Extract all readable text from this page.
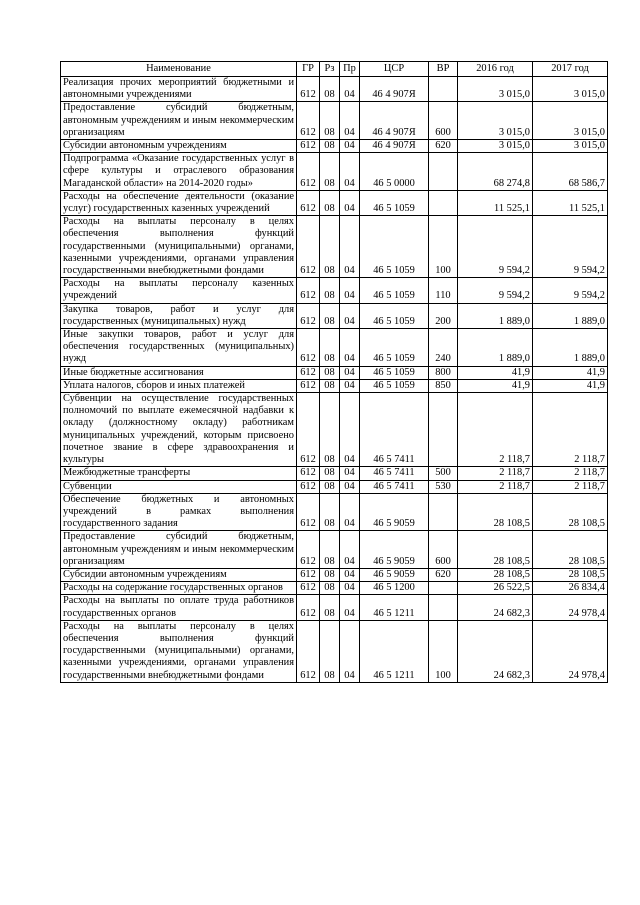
Наименование	ГР	Рз	Пр	ЦСР	ВР	2016 год	2017 год
Реализация прочих мероприятий бюджетными и автономными учреждениями	612	08	04	46 4 907Я		3 015,0	3 015,0
Предоставление субсидий бюджетным, автономным учреждениям и иным некоммерческим организациям	612	08	04	46 4 907Я	600	3 015,0	3 015,0
Субсидии автономным учреждениям	612	08	04	46 4 907Я	620	3 015,0	3 015,0
Подпрограмма «Оказание государственных услуг в сфере культуры и отраслевого образования Магаданской области» на 2014-2020 годы»	612	08	04	46 5 0000		68 274,8	68 586,7
Расходы на обеспечение деятельности (оказание услуг) государственных казенных учреждений	612	08	04	46 5 1059		11 525,1	11 525,1
Расходы на выплаты персоналу в целях обеспечения выполнения функций государственными (муниципальными) органами, казенными учреждениями, органами управления государственными внебюджетными фондами	612	08	04	46 5 1059	100	9 594,2	9 594,2
Расходы на выплаты персоналу казенных учреждений	612	08	04	46 5 1059	110	9 594,2	9 594,2
Закупка товаров, работ и услуг для государственных (муниципальных) нужд	612	08	04	46 5 1059	200	1 889,0	1 889,0
Иные закупки товаров, работ и услуг для обеспечения государственных (муниципальных) нужд	612	08	04	46 5 1059	240	1 889,0	1 889,0
Иные бюджетные ассигнования	612	08	04	46 5 1059	800	41,9	41,9
Уплата налогов, сборов и иных платежей	612	08	04	46 5 1059	850	41,9	41,9
Субвенции на осуществление государственных полномочий по выплате ежемесячной надбавки к окладу (должностному окладу) работникам муниципальных учреждений, которым присвоено почетное звание в сфере здравоохранения и культуры	612	08	04	46 5 7411		2 118,7	2 118,7
Межбюджетные трансферты	612	08	04	46 5 7411	500	2 118,7	2 118,7
Субвенции	612	08	04	46 5 7411	530	2 118,7	2 118,7
Обеспечение бюджетных и автономных учреждений в рамках выполнения государственного задания	612	08	04	46 5 9059		28 108,5	28 108,5
Предоставление субсидий бюджетным, автономным учреждениям и иным некоммерческим организациям	612	08	04	46 5 9059	600	28 108,5	28 108,5
Субсидии автономным учреждениям	612	08	04	46 5 9059	620	28 108,5	28 108,5
Расходы на содержание государственных органов	612	08	04	46 5 1200		26 522,5	26 834,4
Расходы на выплаты по оплате труда работников государственных органов	612	08	04	46 5 1211		24 682,3	24 978,4
Расходы на выплаты персоналу в целях обеспечения выполнения функций государственными (муниципальными) органами, казенными учреждениями, органами управления государственными внебюджетными фондами	612	08	04	46 5 1211	100	24 682,3	24 978,4
